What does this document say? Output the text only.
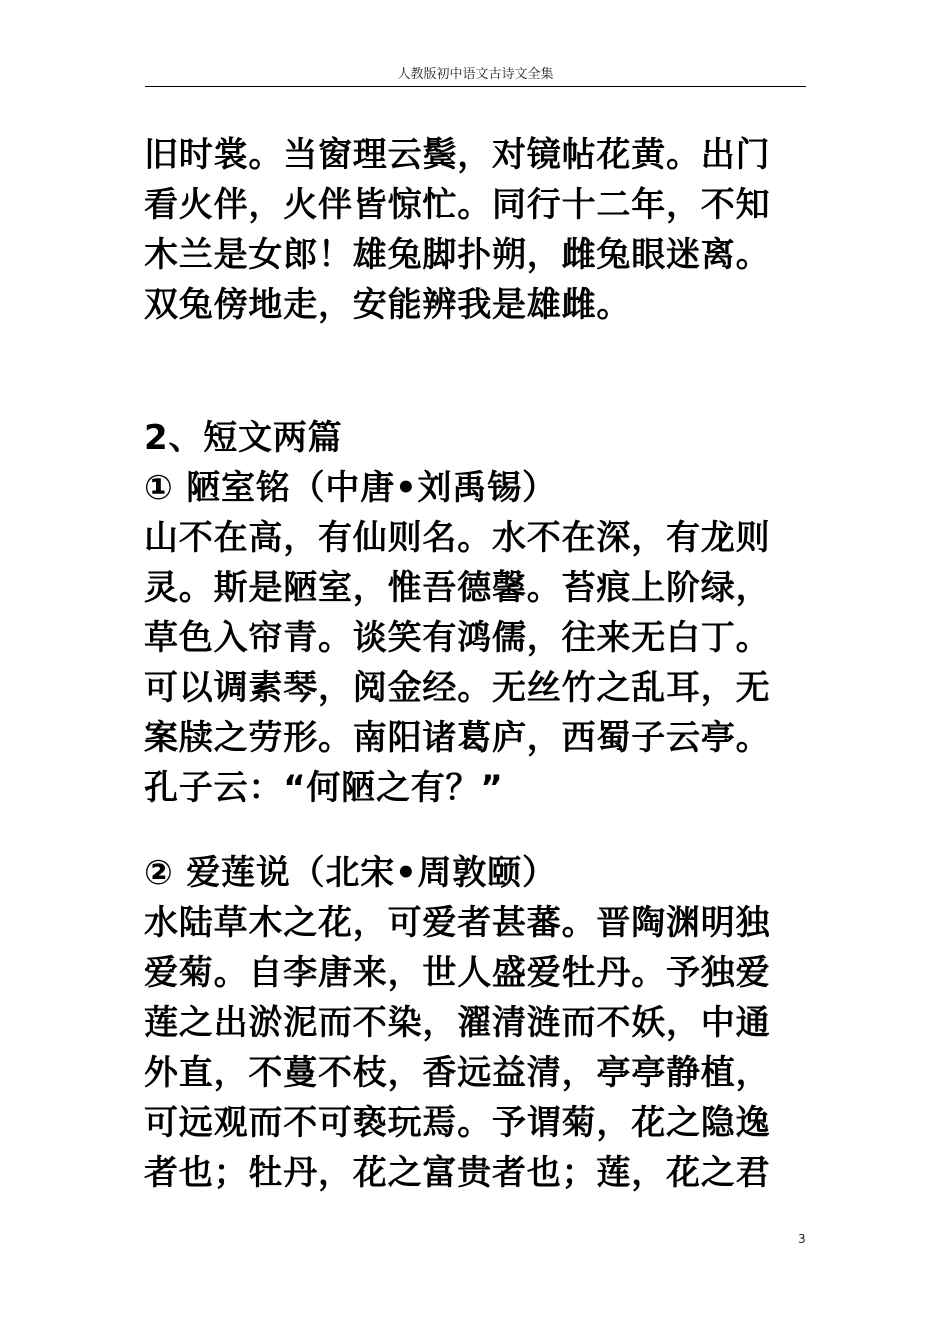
人教版初中语文古诗文全集
旧时裳。当窗理云鬓，对镜帖花黄。出门
看火伴，火伴皆惊忙。同行十二年，不知
木兰是女郎！雄兔脚扑朔，雌兔眼迷离。
双兔傍地走，安能辨我是雄雌。
2、短文两篇
① 陋室铭（中唐•刘禹锡）
山不在高，有仙则名。水不在深，有龙则
灵。斯是陋室，惟吾德馨。苔痕上阶绿，
草色入帘青。谈笑有鸿儒，往来无白丁。
可以调素琴，阅金经。无丝竹之乱耳，无
案牍之劳形。南阳诸葛庐，西蜀子云亭。
孔子云：“何陋之有？”
② 爱莲说（北宋•周敦颐）
水陆草木之花，可爱者甚蕃。晋陶渊明独
爱菊。自李唐来，世人盛爱牡丹。予独爱
莲之出淤泥而不染，濯清涟而不妖，中通
外直，不蔓不枝，香远益清，亭亭静植，
可远观而不可亵玩焉。予谓菊，花之隐逸
者也；牡丹，花之富贵者也；莲，花之君
3
